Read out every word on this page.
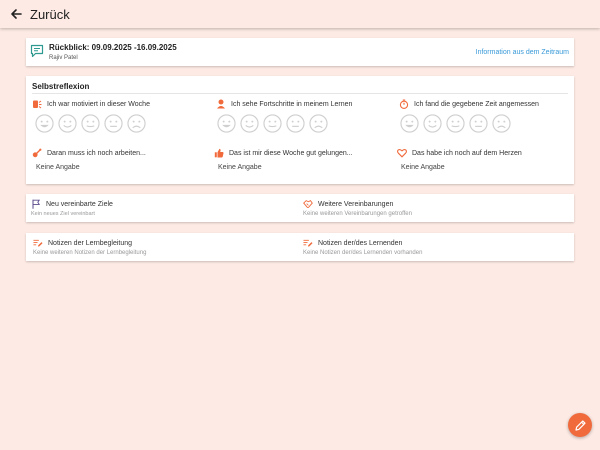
Zurück
Rückblick: 09.09.2025 -16.09.2025
Rajiv Patel
Information aus dem Zeitraum
Selbstreflexion
Ich war motiviert in dieser Woche	Ich sehe Fortschritte in meinem Lernen	Ich fand die gegebene Zeit angemessen
Daran muss ich noch arbeiten...
Keine Angabe
Das ist mir diese Woche gut gelungen...
Keine Angabe
Das habe ich noch auf dem Herzen
Keine Angabe
Neu vereinbarte Ziele
Kein neues Ziel vereinbart
Weitere Vereinbarungen
Keine weiteren Vereinbarungen getroffen
Notizen der Lernbegleitung
Keine weiteren Notizen der Lernbegleitung
Notizen der/des Lernenden
Keine Notizen der/des Lernenden vorhanden
